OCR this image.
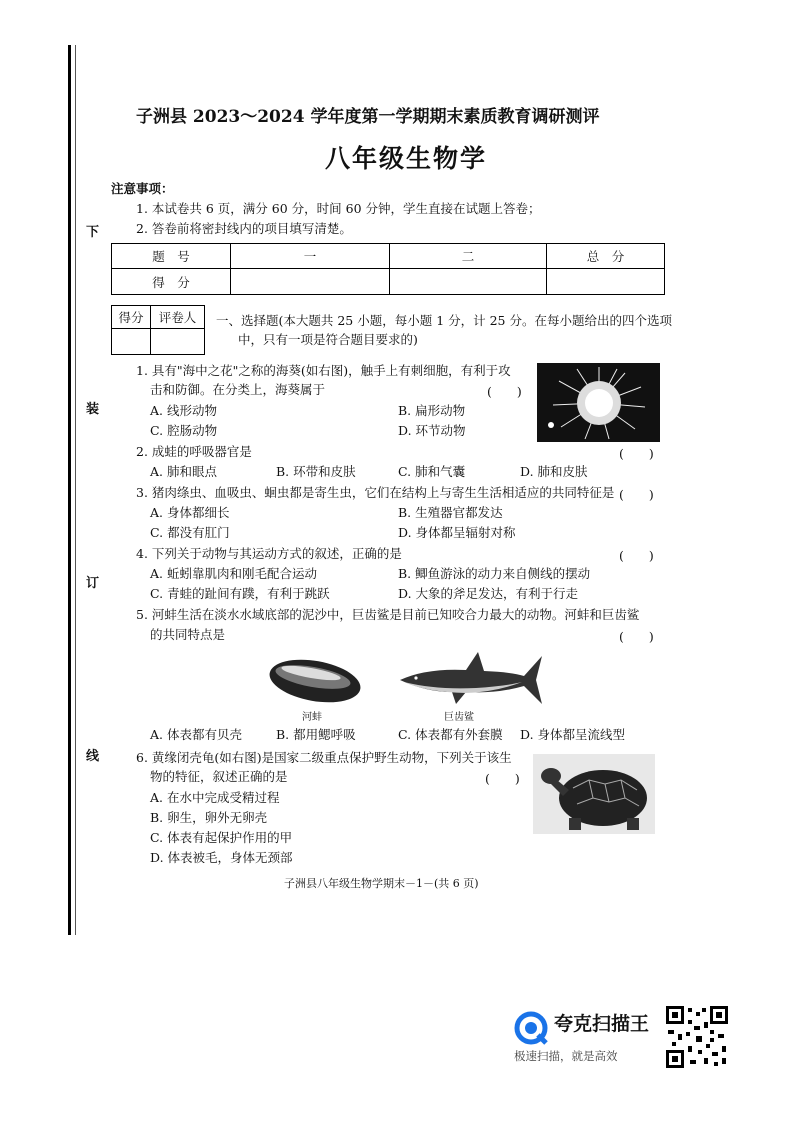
下
装
订
线
子洲县 2023～2024 学年度第一学期期末素质教育调研测评
八年级生物学
注意事项：
1. 本试卷共 6 页，满分 60 分，时间 60 分钟，学生直接在试题上答卷；
2. 答卷前将密封线内的项目填写清楚。
题　号	一	二	总　分
得　分			
得分	评卷人
	一、选择题(本大题共 25 小题，每小题 1 分，计 25 分。在每小题给出的四个选项
中，只有一项是符合题目要求的)
1. 具有"海中之花"之称的海葵(如右图)，触手上有刺细胞，有利于攻
击和防御。在分类上，海葵属于	(　　)
A. 线形动物	B. 扁形动物
C. 腔肠动物	D. 环节动物
2. 成蛙的呼吸器官是	(　　)
A. 肺和眼点	B. 环带和皮肤	C. 肺和气囊	D. 肺和皮肤
3. 猪肉绦虫、血吸虫、蛔虫都是寄生虫，它们在结构上与寄生生活相适应的共同特征是 (　　)
A. 身体都细长	B. 生殖器官都发达
C. 都没有肛门	D. 身体都呈辐射对称
4. 下列关于动物与其运动方式的叙述，正确的是	(　　)
A. 蚯蚓靠肌肉和刚毛配合运动	B. 鲫鱼游泳的动力来自侧线的摆动
C. 青蛙的趾间有蹼，有利于跳跃	D. 大象的斧足发达，有利于行走
5. 河蚌生活在淡水水域底部的泥沙中，巨齿鲨是目前已知咬合力最大的动物。河蚌和巨齿鲨
的共同特点是	(　　)
河蚌	巨齿鲨
A. 体表都有贝壳	B. 都用鳃呼吸	C. 体表都有外套膜 D. 身体都呈流线型
6. 黄缘闭壳龟(如右图)是国家二级重点保护野生动物，下列关于该生
物的特征，叙述正确的是	(　　)
A. 在水中完成受精过程
B. 卵生，卵外无卵壳
C. 体表有起保护作用的甲
D. 体表被毛，身体无颈部
子洲县八年级生物学期末－1－(共 6 页)
夸克扫描王
极速扫描，就是高效
